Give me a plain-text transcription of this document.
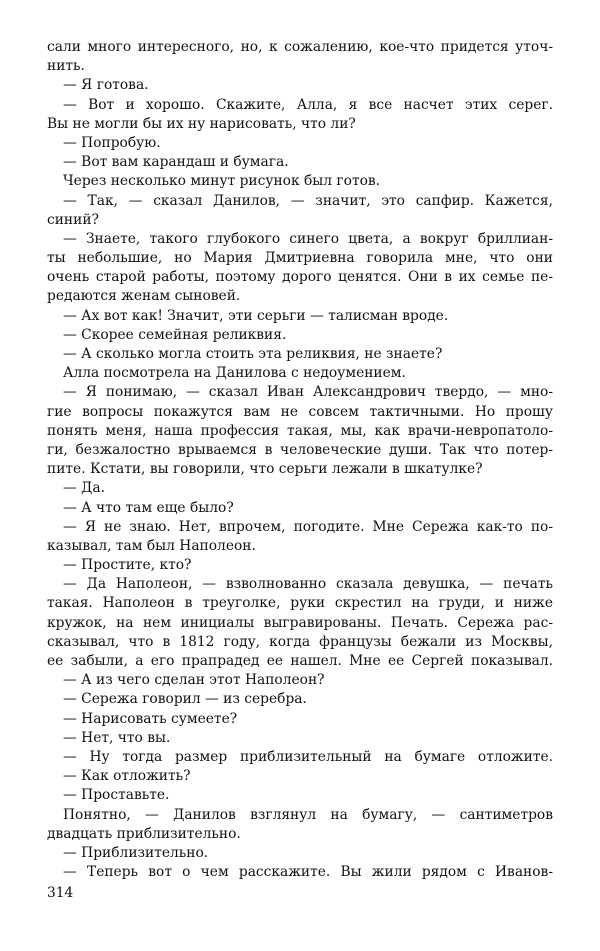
сали много интересного, но, к сожалению, кое-что придется уточ-
нить.
— Я готова.
— Вот и хорошо. Скажите, Алла, я все насчет этих серег.
Вы не могли бы их ну нарисовать, что ли?
— Попробую.
— Вот вам карандаш и бумага.
Через несколько минут рисунок был готов.
— Так, — сказал Данилов, — значит, это сапфир. Кажется,
синий?
— Знаете, такого глубокого синего цвета, а вокруг бриллиан-
ты небольшие, но Мария Дмитриевна говорила мне, что они
очень старой работы, поэтому дорого ценятся. Они в их семье пе-
редаются женам сыновей.
— Ах вот как! Значит, эти серьги — талисман вроде.
— Скорее семейная реликвия.
— А сколько могла стоить эта реликвия, не знаете?
Алла посмотрела на Данилова с недоумением.
— Я понимаю, — сказал Иван Александрович твердо, — мно-
гие вопросы покажутся вам не совсем тактичными. Но прошу
понять меня, наша профессия такая, мы, как врачи-невропатоло-
ги, безжалостно врываемся в человеческие души. Так что потер-
пите. Кстати, вы говорили, что серьги лежали в шкатулке?
— Да.
— А что там еще было?
— Я не знаю. Нет, впрочем, погодите. Мне Сережа как-то по-
казывал, там был Наполеон.
— Простите, кто?
— Да Наполеон, — взволнованно сказала девушка, — печать
такая. Наполеон в треуголке, руки скрестил на груди, и ниже
кружок, на нем инициалы выгравированы. Печать. Сережа рас-
сказывал, что в 1812 году, когда французы бежали из Москвы,
ее забыли, а его прапрадед ее нашел. Мне ее Сергей показывал.
— А из чего сделан этот Наполеон?
— Сережа говорил — из серебра.
— Нарисовать сумеете?
— Нет, что вы.
— Ну тогда размер приблизительный на бумаге отложите.
— Как отложить?
— Проставьте.
Понятно, — Данилов взглянул на бумагу, — сантиметров
двадцать приблизительно.
— Приблизительно.
— Теперь вот о чем расскажите. Вы жили рядом с Иванов-
314
